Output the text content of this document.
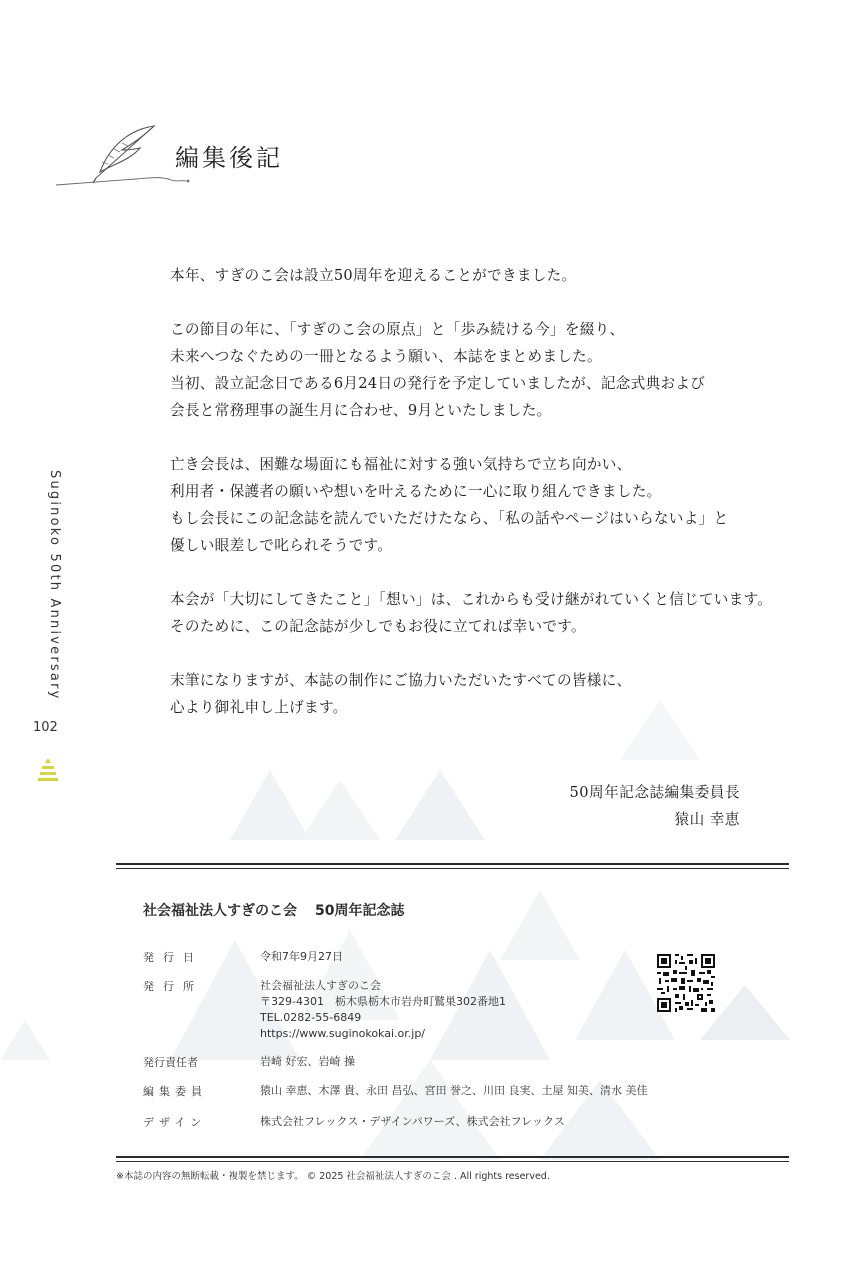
編集後記

本年、すぎのこ会は設立50周年を迎えることができました。

この節目の年に、「すぎのこ会の原点」と「歩み続ける今」を綴り、
未来へつなぐための一冊となるよう願い、本誌をまとめました。
当初、設立記念日である6月24日の発行を予定していましたが、記念式典および
会長と常務理事の誕生月に合わせ、9月といたしました。

亡き会長は、困難な場面にも福祉に対する強い気持ちで立ち向かい、
利用者・保護者の願いや想いを叶えるために一心に取り組んできました。
もし会長にこの記念誌を読んでいただけたなら、「私の話やページはいらないよ」と
優しい眼差しで叱られそうです。

本会が「大切にしてきたこと」「想い」は、これからも受け継がれていくと信じています。
そのために、この記念誌が少しでもお役に立てれば幸いです。

末筆になりますが、本誌の制作にご協力いただいたすべての皆様に、
心より御礼申し上げます。

50周年記念誌編集委員長
猿山 幸恵
Suginoko 50th Anniversary
102
社会福祉法人すぎのこ会 50周年記念誌
発行日	令和7年9月27日
発行所	社会福祉法人すぎのこ会
〒329-4301　栃木県栃木市岩舟町鷲巣302番地1
TEL.0282-55-6849
https://www.suginokokai.or.jp/
発行責任者	岩崎 好宏、岩崎 操
編集委員	猿山 幸恵、木澤 貴、永田 昌弘、宮田 誉之、川田 良実、土屋 知美、清水 美佳
デザイン	株式会社フレックス・デザインパワーズ、株式会社フレックス
※本誌の内容の無断転載・複製を禁じます。 © 2025 社会福祉法人すぎのこ会 . All rights reserved.
